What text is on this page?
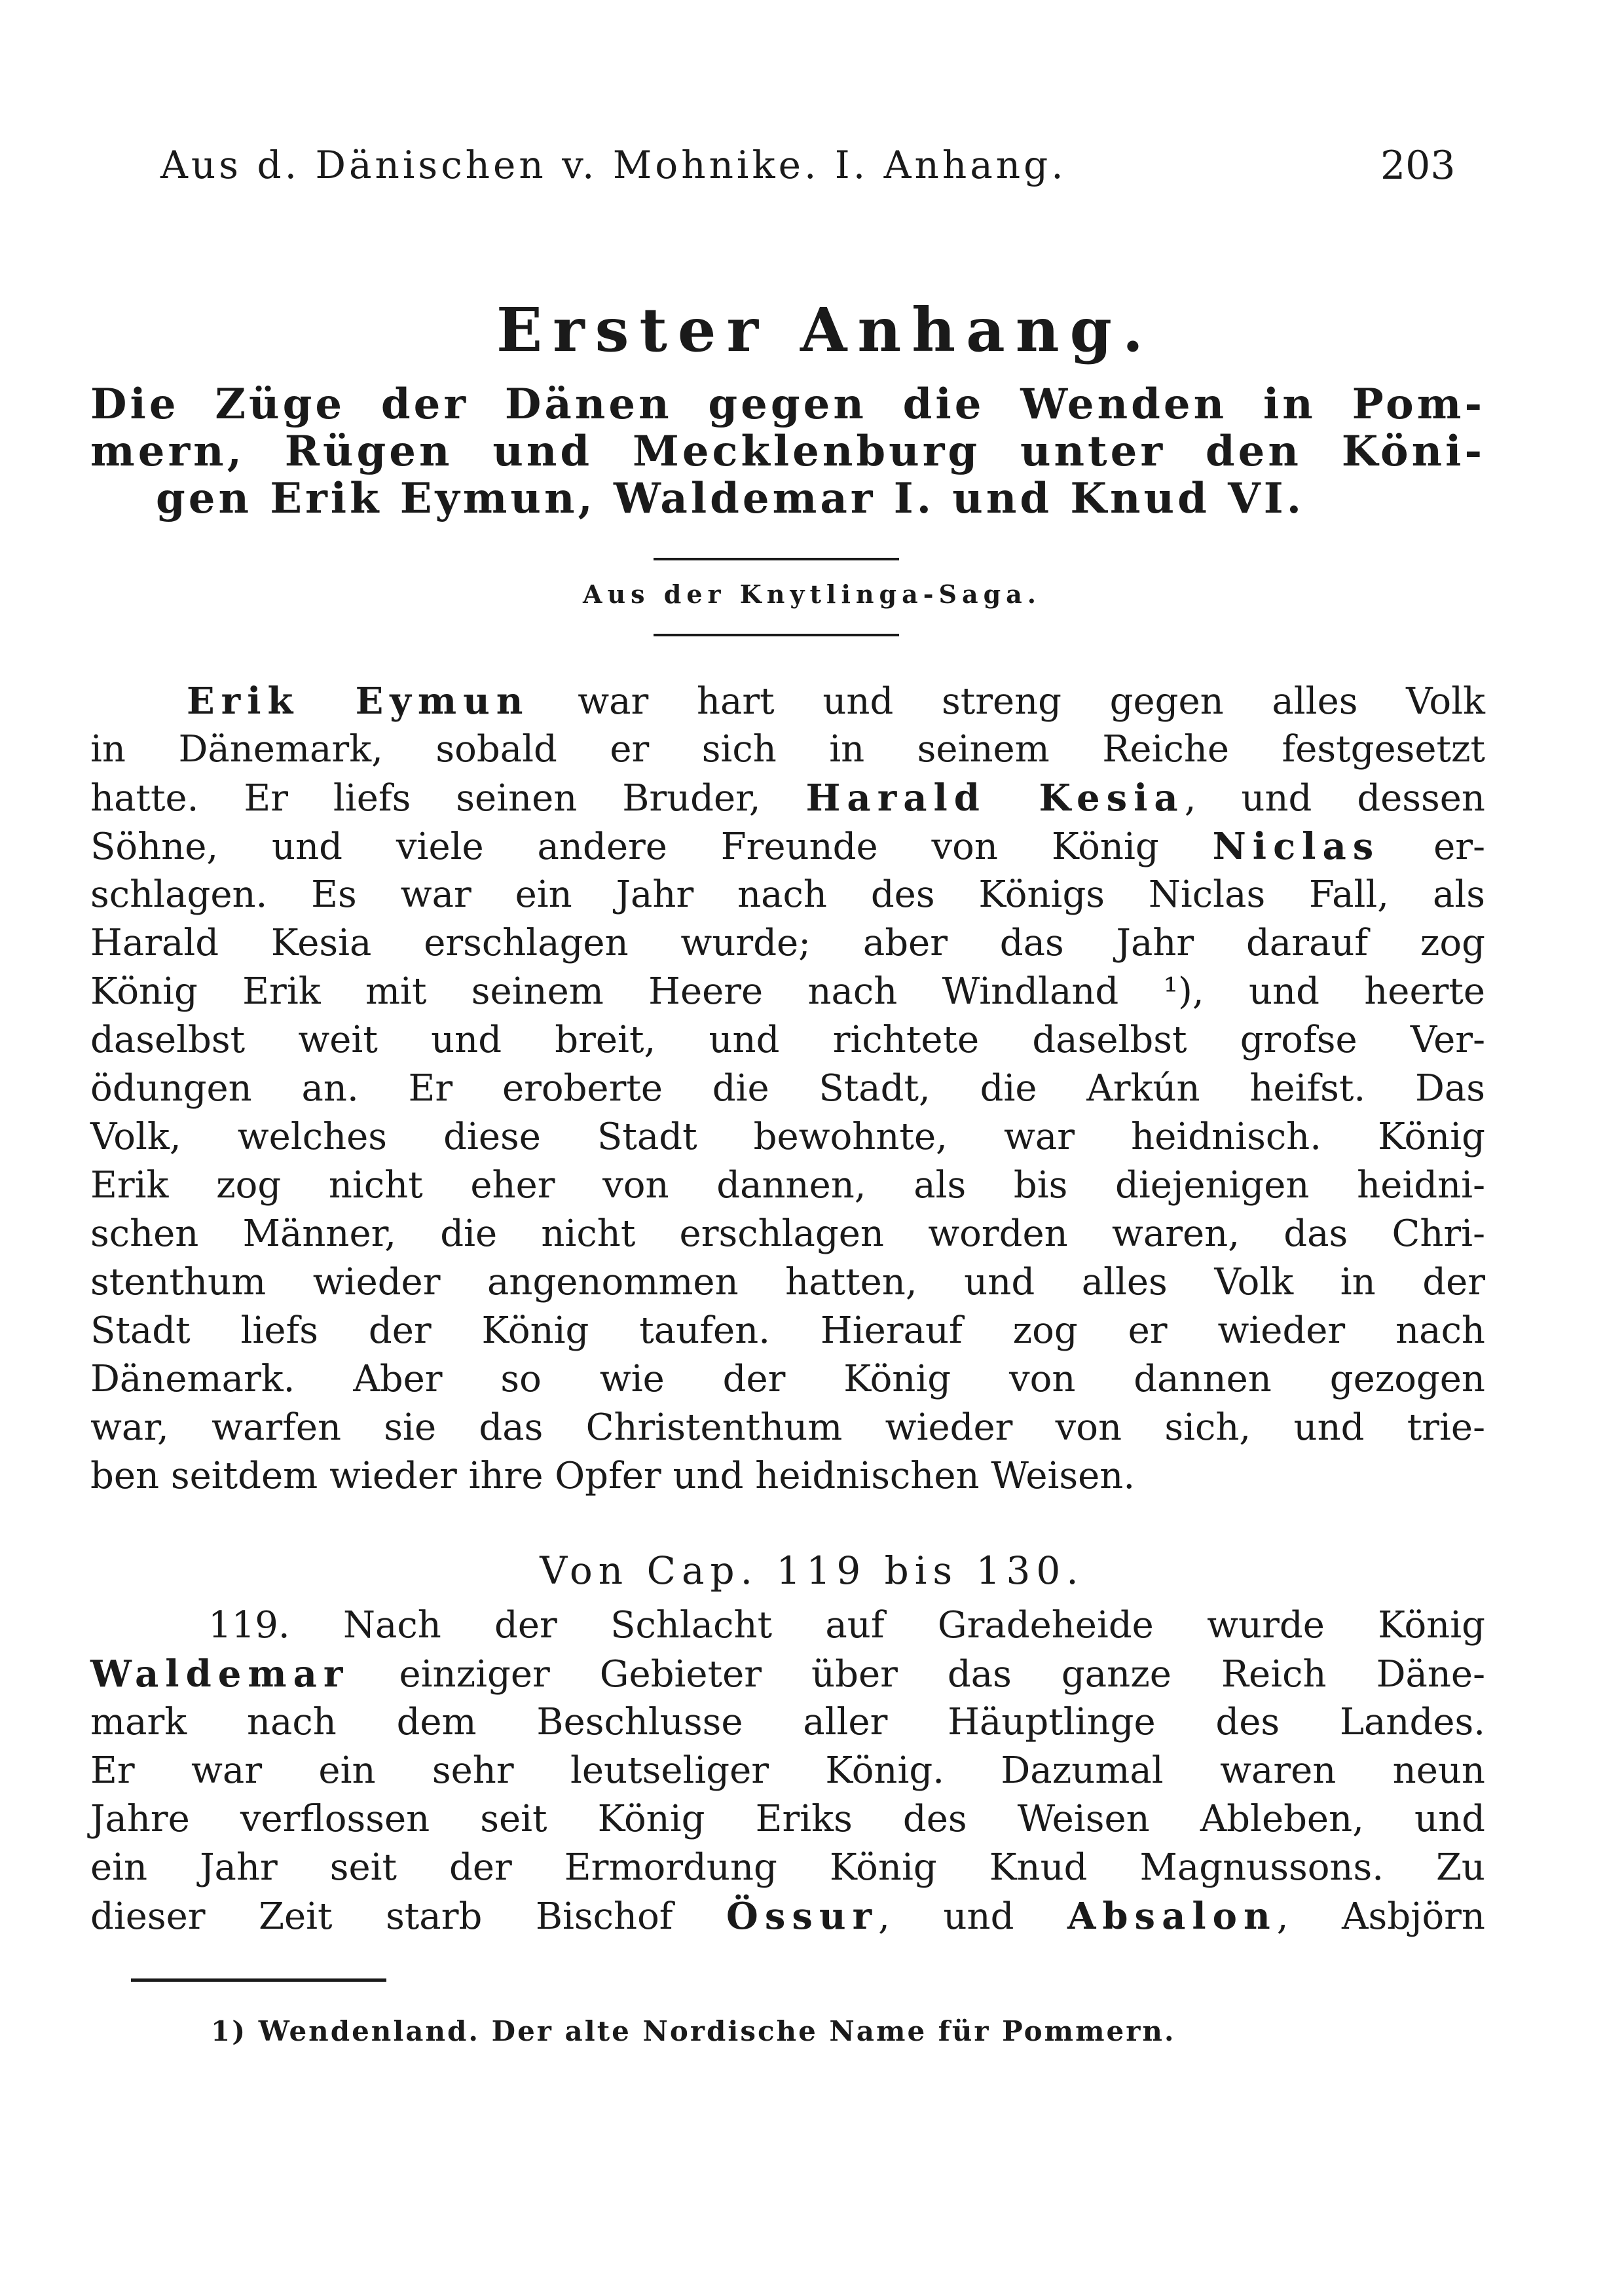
Aus d. Dänischen v. Mohnike. I. Anhang.	203
Erster Anhang.
Die Züge der Dänen gegen die Wenden in Pom-
mern, Rügen und Mecklenburg unter den Köni-
gen Erik Eymun, Waldemar I. und Knud VI.
Aus der Knytlinga-Saga.
Erik Eymun war hart und streng gegen alles Volk
in Dänemark, sobald er sich in seinem Reiche festgesetzt
hatte. Er liefs seinen Bruder, Harald Kesia, und dessen
Söhne, und viele andere Freunde von König Niclas er-
schlagen. Es war ein Jahr nach des Königs Niclas Fall, als
Harald Kesia erschlagen wurde; aber das Jahr darauf zog
König Erik mit seinem Heere nach Windland ¹), und heerte
daselbst weit und breit, und richtete daselbst grofse Ver-
ödungen an. Er eroberte die Stadt, die Arkún heifst. Das
Volk, welches diese Stadt bewohnte, war heidnisch. König
Erik zog nicht eher von dannen, als bis diejenigen heidni-
schen Männer, die nicht erschlagen worden waren, das Chri-
stenthum wieder angenommen hatten, und alles Volk in der
Stadt liefs der König taufen. Hierauf zog er wieder nach
Dänemark. Aber so wie der König von dannen gezogen
war, warfen sie das Christenthum wieder von sich, und trie-
ben seitdem wieder ihre Opfer und heidnischen Weisen.
Von Cap. 119 bis 130.
119. Nach der Schlacht auf Gradeheide wurde König
Waldemar einziger Gebieter über das ganze Reich Däne-
mark nach dem Beschlusse aller Häuptlinge des Landes.
Er war ein sehr leutseliger König. Dazumal waren neun
Jahre verflossen seit König Eriks des Weisen Ableben, und
ein Jahr seit der Ermordung König Knud Magnussons. Zu
dieser Zeit starb Bischof Össur, und Absalon, Asbjörn
1) Wendenland. Der alte Nordische Name für Pommern.
